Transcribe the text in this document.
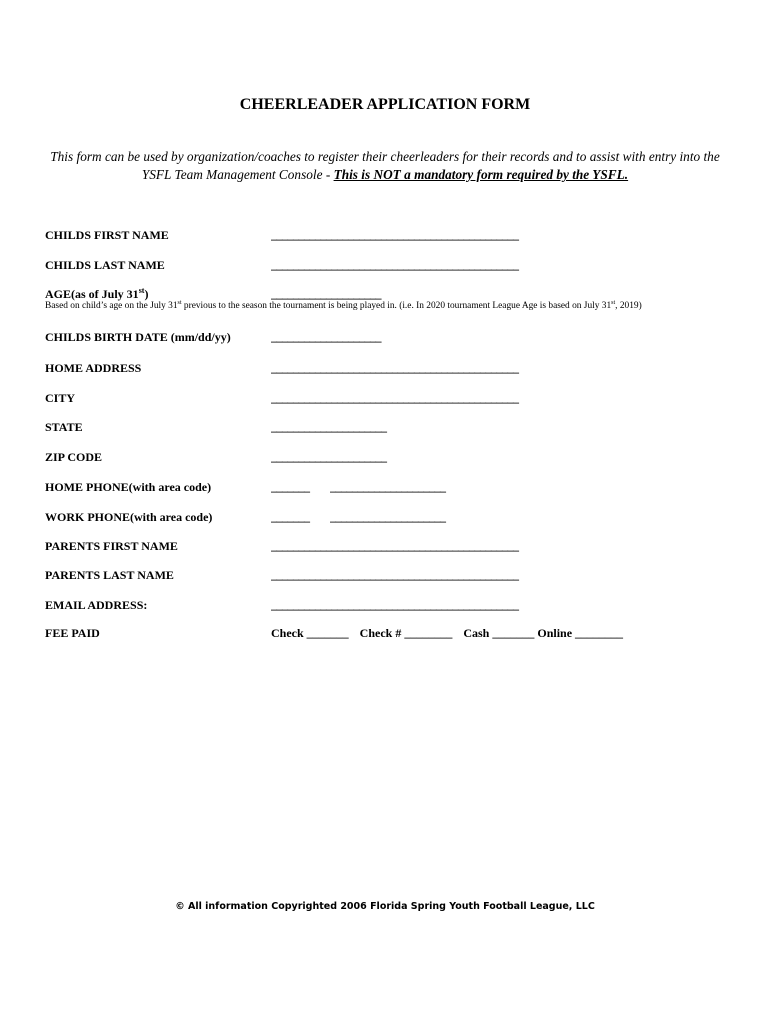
CHEERLEADER APPLICATION FORM
This form can be used by organization/coaches to register their cheerleaders for their records and to assist with entry into the YSFL Team Management Console - This is NOT a mandatory form required by the YSFL.
CHILDS FIRST NAME	_____________________________________________
CHILDS LAST NAME	_____________________________________________
AGE(as of July 31st)	____________________
Based on child’s age on the July 31st previous to the season the tournament is being played in. (i.e. In 2020 tournament League Age is based on July 31st, 2019)
CHILDS BIRTH DATE (mm/dd/yy)	____________________
HOME ADDRESS	_____________________________________________
CITY	_____________________________________________
STATE	_____________________
ZIP CODE	_____________________
HOME PHONE(with area code)	_______	_____________________
WORK PHONE(with area code)	_______	_____________________
PARENTS FIRST NAME	_____________________________________________
PARENTS LAST NAME	_____________________________________________
EMAIL ADDRESS:	_____________________________________________
FEE PAID	Check _______ Check # ________ Cash _______ Online ________
© All information Copyrighted 2006 Florida Spring Youth Football League, LLC
